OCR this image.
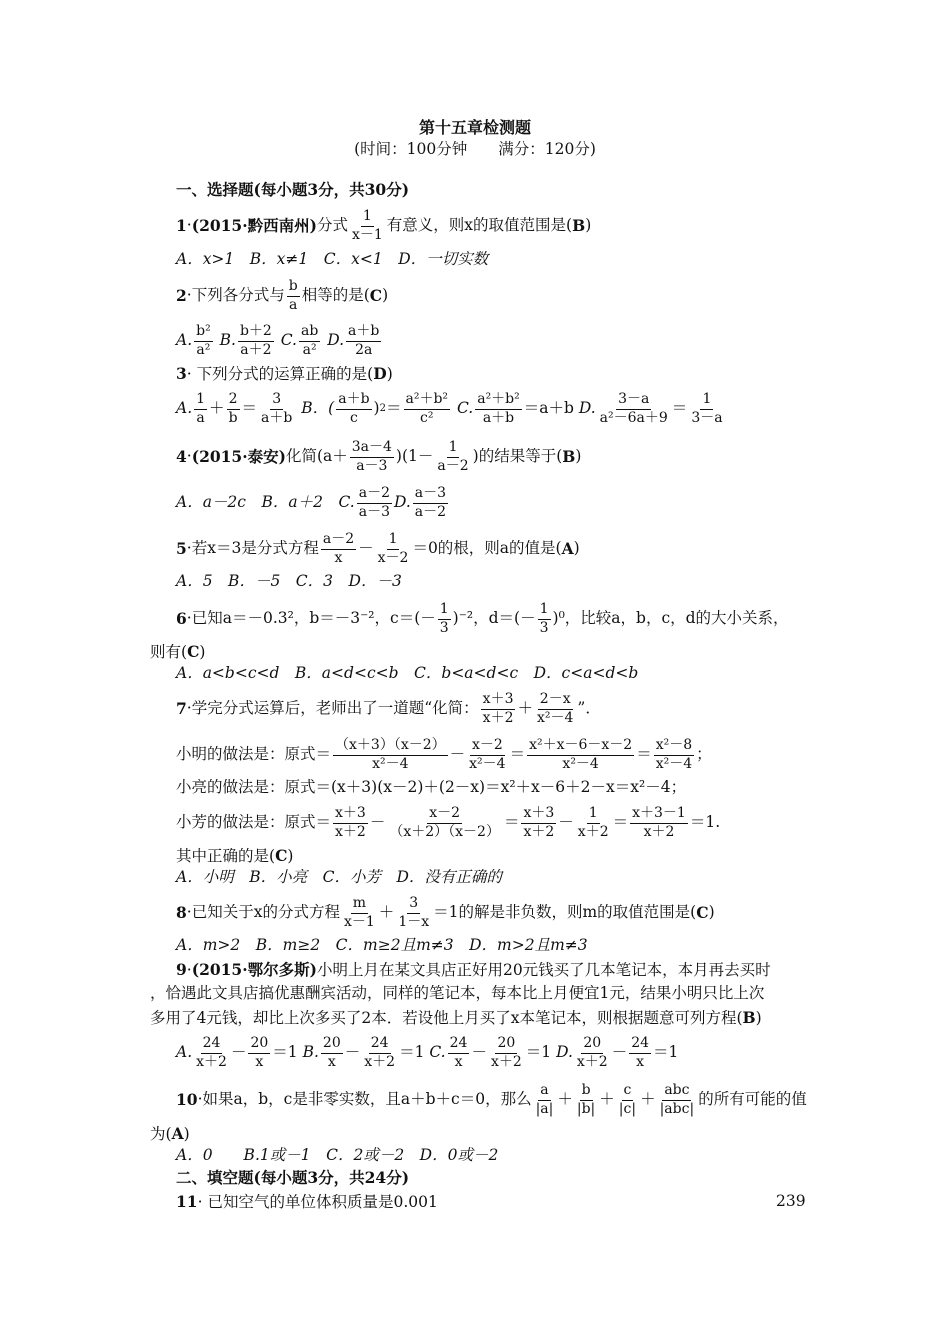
第十五章检测题
(时间：100分钟　　满分：120分)
一、选择题(每小题3分，共30分)
1 · (2015·黔西南州) 分式 $\frac{1}{x-1}$ 有意义，则x的取值范围是( B )
A．x>1　B．x≠1　C．x<1　D．一切实数
2 · 下列各分式与 $\frac{b}{a}$ 相等的是( C )
A. $\frac{\text{b²}}{\text{a²}} B$. $\frac{b+2}{a+2} C$. $\frac{ab}{\text{a²}} D$. $\frac{a+b}{2a}$
3· 下列分式的运算正确的是(D)
A. $\frac{1}{a} + \frac{2}{b} = \frac{3}{a+b}$ B．( $\frac{a+b}{c}$ ) $2 = \frac{\text{a²＋b²}}{\text{c²}} C$. $\frac{\text{a²＋b²}}{a+b} =a+b$ D. $\frac{3-a}{\text{a²－6a＋9}} = \frac{1}{3-a}$
4 · (2015·泰安) 化简$(a+ \frac{3a-4}{a-3} )(1- \frac{1}{a-2}$ )的结果等于( B )
A．a－2c　B．a＋2　C. $\frac{a-2}{a-3} D$. $\frac{a-3}{a-2}$
5 · 若x＝3是分式方程 $\frac{a-2}{x} - \frac{1}{x-2} =0$的根，则a的值是( A )
A．5　B．－5　C．3　D．－3
6 · 已知a＝－0.3²，b＝－3⁻²，$c=(- \frac{1}{3} )^{-2}$，$d=(- \frac{1}{3} )^0$，比较a，b，c，d的大小关系，
则有(C)
A．a<b<c<d　B．a<d<c<b　C．b<a<d<c　D．c<a<d<b
7 · 学完分式运算后，老师出了一道题“化简： $\frac{x+3}{x+2} + \frac{2-x}{\text{x²－4}}$ ”．
小明的做法是：原式＝ $\frac{(x+3)(x-2)}{\text{x²－4}} - \frac{x-2}{\text{x²－4}} = \frac{\text{x²＋x－6－x－2}}{\text{x²－4}} = \frac{\text{x²－8}}{\text{x²－4}}$ ；
小亮的做法是：原式＝(x＋3)(x－2)＋(2－x)＝x²＋x－6＋2－x＝x²－4；
小芳的做法是：原式＝ $\frac{x+3}{x+2} - \frac{x-2}{(x+2)(x-2)} = \frac{x+3}{x+2} - \frac{1}{x+2} = \frac{x+3-1}{x+2} =1$.
其中正确的是(C)
A．小明　B．小亮　C．小芳　D．没有正确的
8 · 已知关于x的分式方程 $\frac{m}{x-1} + \frac{3}{1-x} =1$的解是非负数，则m的取值范围是( C )
A．m>2　B．m≥2　C．m≥2且m≠3　D．m>2且m≠3
9·(2015·鄂尔多斯)小明上月在某文具店正好用20元钱买了几本笔记本，本月再去买时
，恰遇此文具店搞优惠酬宾活动，同样的笔记本，每本比上月便宜1元，结果小明只比上次
多用了4元钱，却比上次多买了2本．若设他上月买了x本笔记本，则根据题意可列方程(B)
A. $\frac{24}{x+2} - \frac{20}{x} =1$ B. $\frac{20}{x} - \frac{24}{x+2} =1$ C. $\frac{24}{x} - \frac{20}{x+2} =1$ D. $\frac{20}{x+2} - \frac{24}{x} =1$
10 · 如果a，b，c是非零实数，且a＋b＋c＝0，那么 $\frac{a}{|a|} + \frac{b}{|b|} + \frac{c}{|c|}$ ＋
abc
|abc|
的所有可能的值
为(A)
A．0　　B.1或－1　C．2或－2　D．0或－2
二、填空题(每小题3分，共24分)
11· 已知空气的单位体积质量是0.001	239
